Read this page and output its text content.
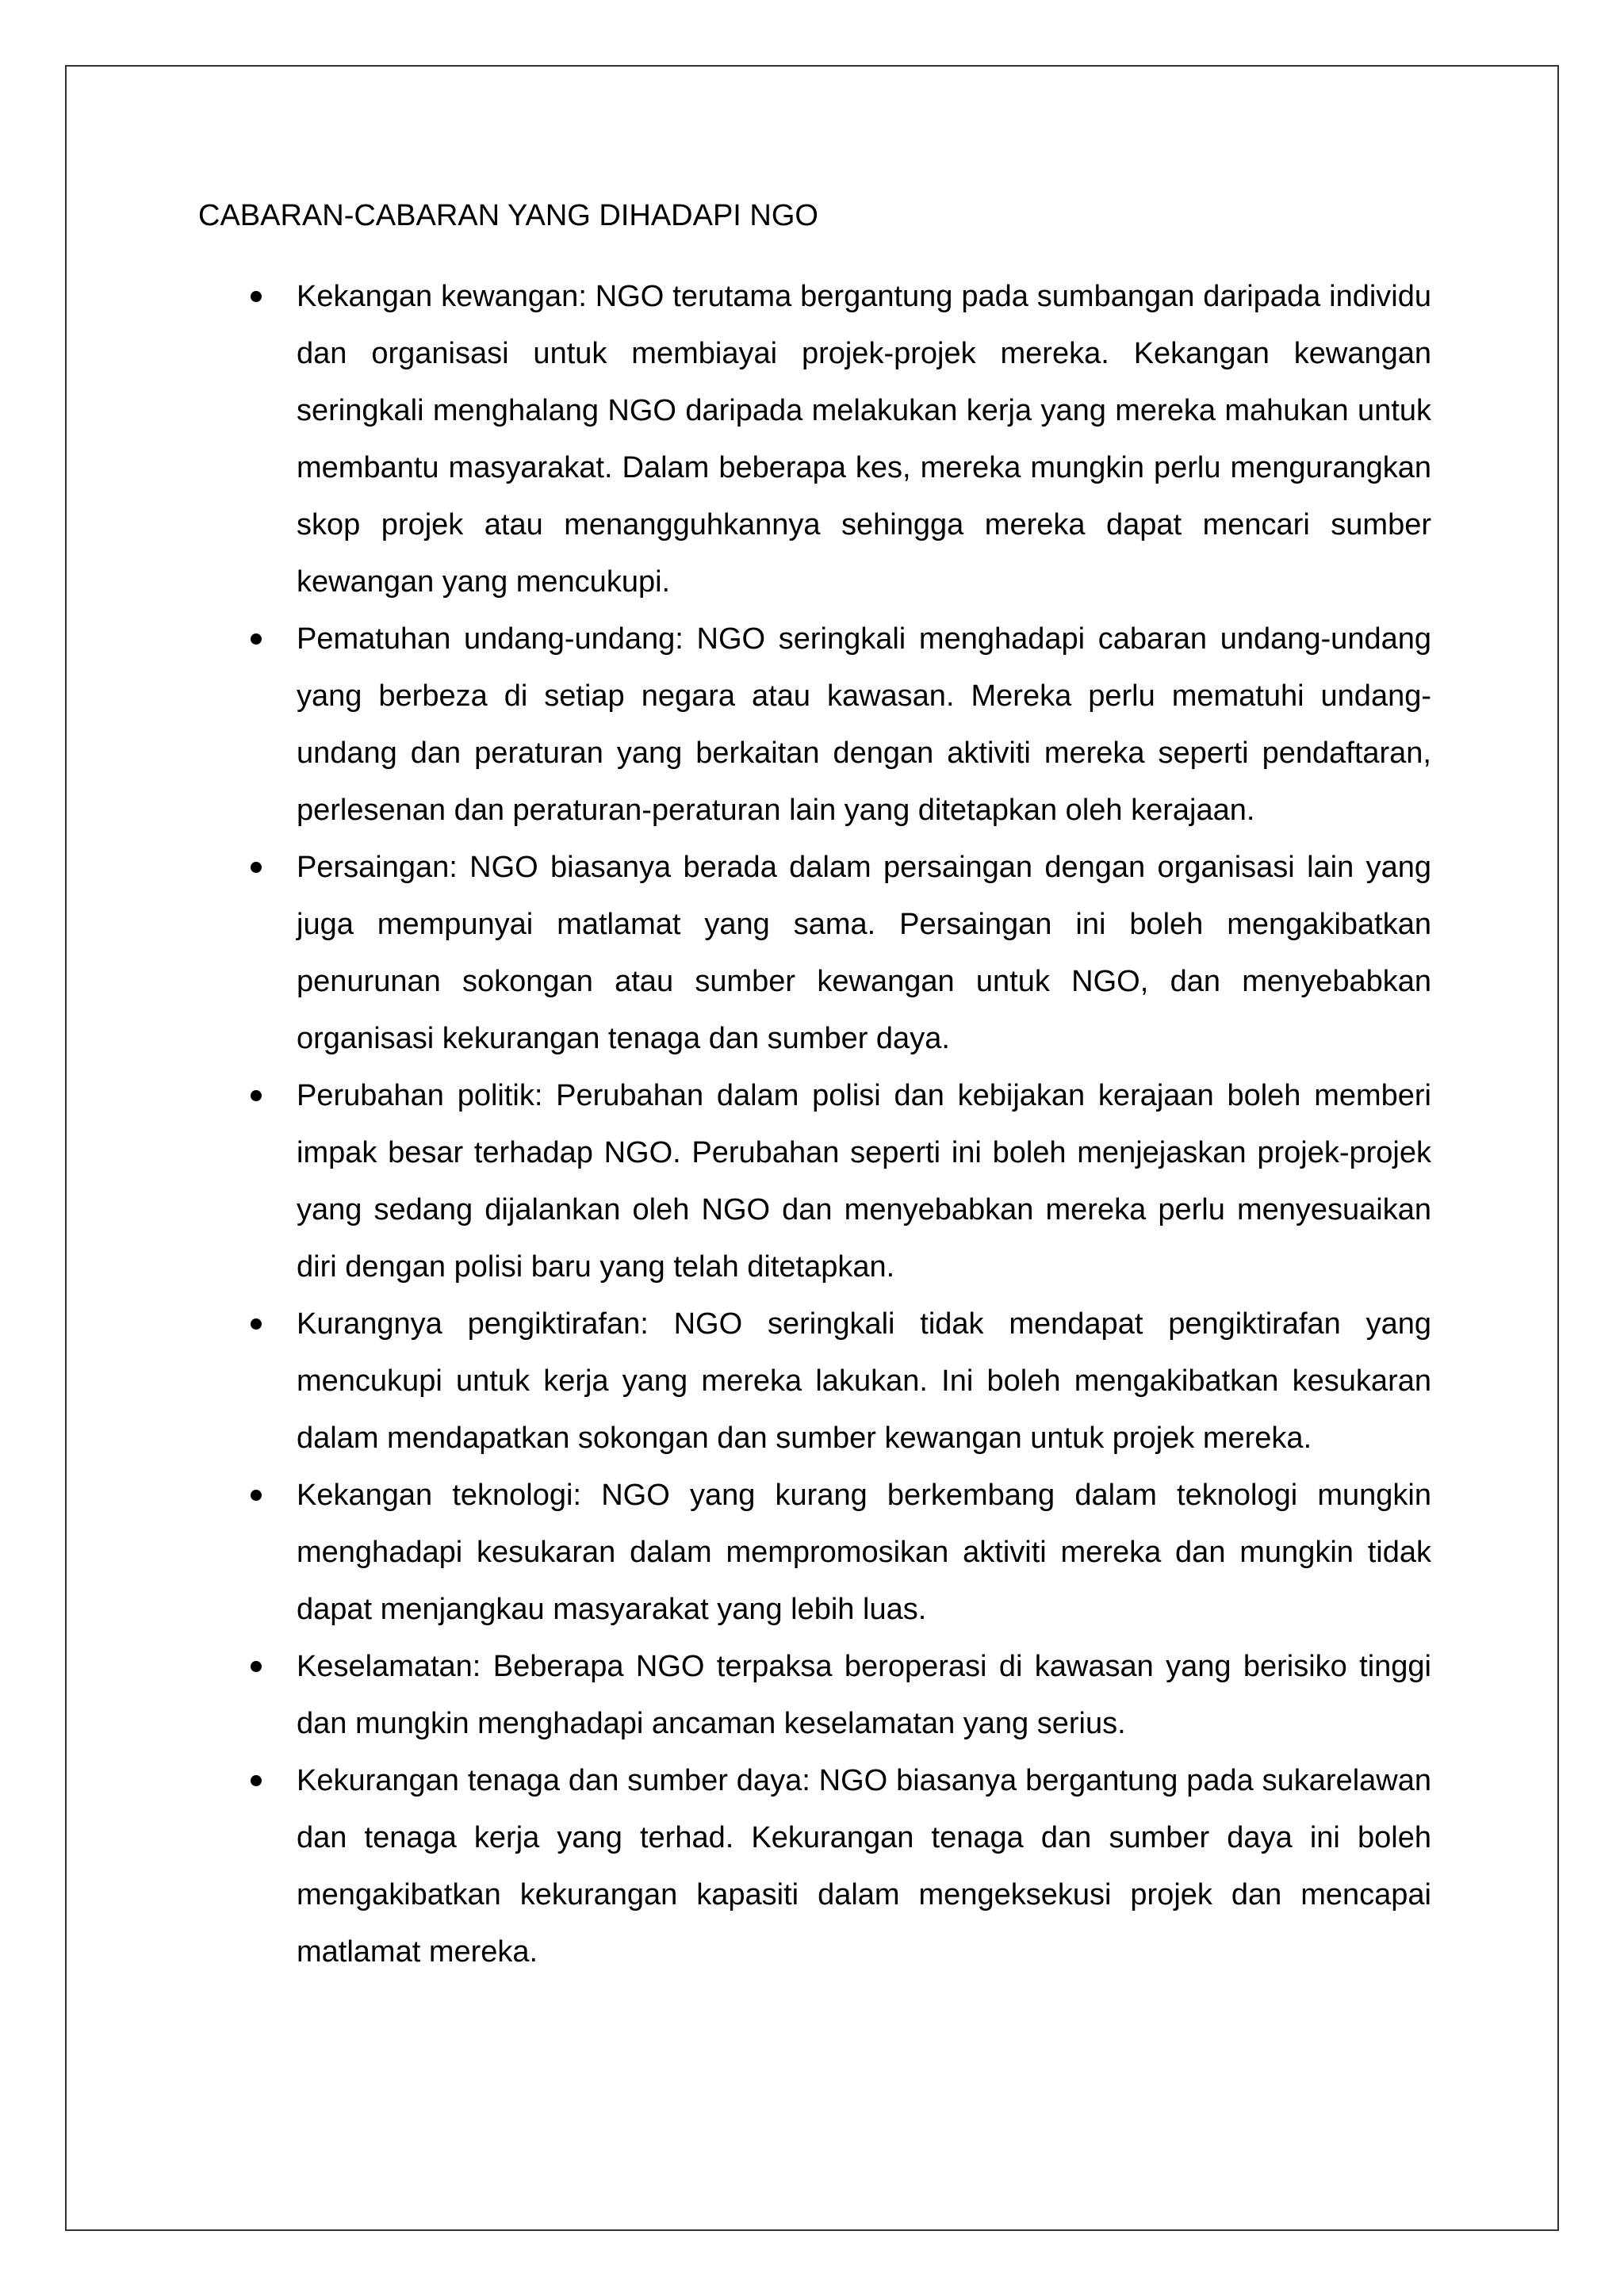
CABARAN-CABARAN YANG DIHADAPI NGO
Kekangan kewangan: NGO terutama bergantung pada sumbangan daripada individu dan organisasi untuk membiayai projek-projek mereka. Kekangan kewangan seringkali menghalang NGO daripada melakukan kerja yang mereka mahukan untuk membantu masyarakat. Dalam beberapa kes, mereka mungkin perlu mengurangkan skop projek atau menangguhkannya sehingga mereka dapat mencari sumber kewangan yang mencukupi.
Pematuhan undang-undang: NGO seringkali menghadapi cabaran undang-undang yang berbeza di setiap negara atau kawasan. Mereka perlu mematuhi undang-undang dan peraturan yang berkaitan dengan aktiviti mereka seperti pendaftaran, perlesenan dan peraturan-peraturan lain yang ditetapkan oleh kerajaan.
Persaingan: NGO biasanya berada dalam persaingan dengan organisasi lain yang juga mempunyai matlamat yang sama. Persaingan ini boleh mengakibatkan penurunan sokongan atau sumber kewangan untuk NGO, dan menyebabkan organisasi kekurangan tenaga dan sumber daya.
Perubahan politik: Perubahan dalam polisi dan kebijakan kerajaan boleh memberi impak besar terhadap NGO. Perubahan seperti ini boleh menjejaskan projek-projek yang sedang dijalankan oleh NGO dan menyebabkan mereka perlu menyesuaikan diri dengan polisi baru yang telah ditetapkan.
Kurangnya pengiktirafan: NGO seringkali tidak mendapat pengiktirafan yang mencukupi untuk kerja yang mereka lakukan. Ini boleh mengakibatkan kesukaran dalam mendapatkan sokongan dan sumber kewangan untuk projek mereka.
Kekangan teknologi: NGO yang kurang berkembang dalam teknologi mungkin menghadapi kesukaran dalam mempromosikan aktiviti mereka dan mungkin tidak dapat menjangkau masyarakat yang lebih luas.
Keselamatan: Beberapa NGO terpaksa beroperasi di kawasan yang berisiko tinggi dan mungkin menghadapi ancaman keselamatan yang serius.
Kekurangan tenaga dan sumber daya: NGO biasanya bergantung pada sukarelawan dan tenaga kerja yang terhad. Kekurangan tenaga dan sumber daya ini boleh mengakibatkan kekurangan kapasiti dalam mengeksekusi projek dan mencapai matlamat mereka.
